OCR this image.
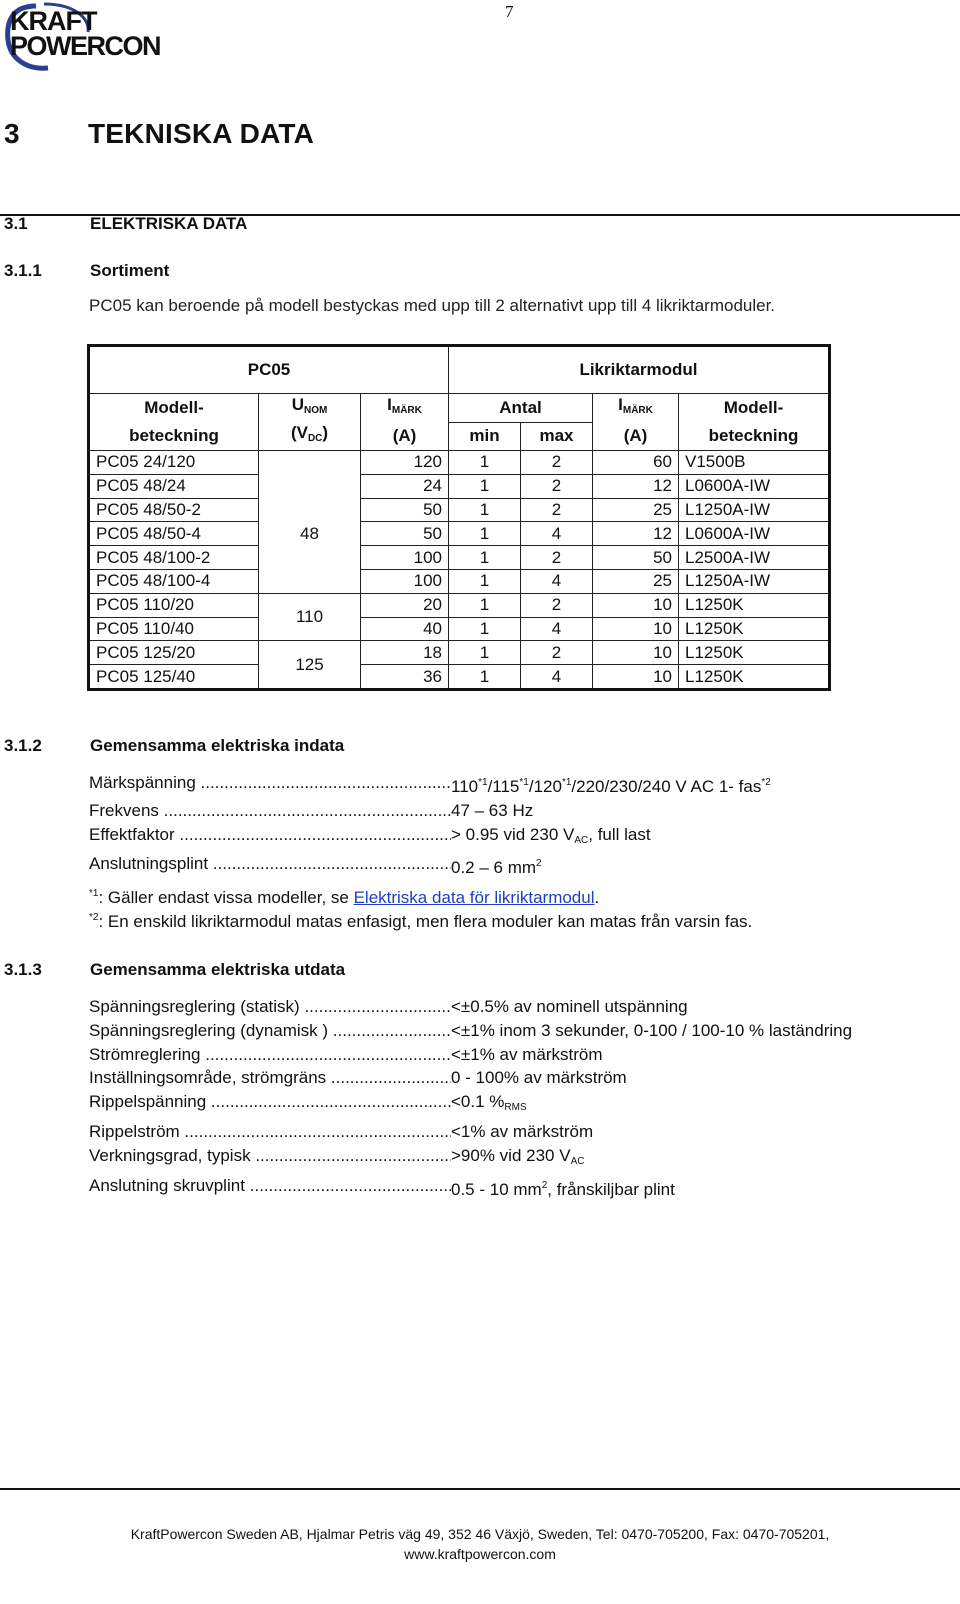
KRAFT
POWERCON
7
3 TEKNISKA DATA
3.1	ELEKTRISKA DATA
3.1.1	Sortiment
PC05 kan beroende på modell bestyckas med upp till 2 alternativt upp till 4 likriktarmoduler.
PC05			Likriktarmodul			
Modell-	$U_{NOM}$	$I_{MÄRK}$	Antal		$I_{MÄRK}$	Modell-
beteckning	$(V_{DC})$	(A)	min	max	(A)	beteckning
PC05 24/120		120	1	2	60	V1500B
PC05 48/24	48	24	1	2	12	L0600A-IW
PC05 48/50-2		50	1	2	25	L1250A-IW
PC05 48/50-4		50	1	4	12	L0600A-IW
PC05 48/100-2		100	1	2	50	L2500A-IW
PC05 48/100-4		100	1	4	25	L1250A-IW
PC05 110/20	110	20	1	2	10	L1250K
PC05 110/40		40	1	4	10	L1250K
PC05 125/20	125	18	1	2	10	L1250K
PC05 125/40		36	1	4	10	L1250K
3.1.2	Gemensamma elektriska indata
Märkspänning .....	110$^{*1}$/115$^{*1}$/120$^{*1}$/220/230/240 V AC 1- fas$^{*2}$
Frekvens .....	47 – 63 Hz
Effektfaktor .....	> 0.95 vid 230 $V_{AC}$, full last
Anslutningsplint .....	0.2 – 6 $mm^2$
$^{*1}$: Gäller endast vissa modeller, se Elektriska data för likriktarmodul.
$^{*2}$: En enskild likriktarmodul matas enfasigt, men flera moduler kan matas från varsin fas.
3.1.3	Gemensamma elektriska utdata
Spänningsreglering (statisk) .....	<±0.5% av nominell utspänning
Spänningsreglering (dynamisk ) .....	<±1% inom 3 sekunder, 0-100 / 100-10 % laständring
Strömreglering .....	<±1% av märkström
Inställningsområde, strömgräns .....	0 - 100% av märkström
Rippelspänning .....	<0.1 $\%_{RMS}$
Rippelström .....	<1% av märkström
Verkningsgrad, typisk .....	>90% vid 230 $V_{AC}$
Anslutning skruvplint .....	0.5 - 10 $mm^2$, frånskiljbar plint
KraftPowercon Sweden AB, Hjalmar Petris väg 49, 352 46 Växjö, Sweden, Tel: 0470-705200, Fax: 0470-705201,
www.kraftpowercon.com
